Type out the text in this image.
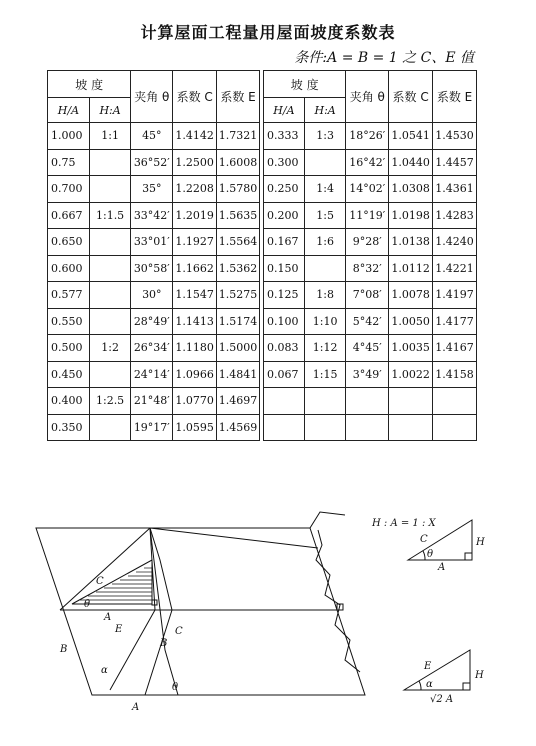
计算屋面工程量用屋面坡度系数表
条件:A = B = 1 之 C、E 值
坡 度		夹角 θ	系数 C	系数 E
H/A	H:A			
1.000	1:1	45°	1.4142	1.7321
0.75		36°52′	1.2500	1.6008
0.700		35°	1.2208	1.5780
0.667	1:1.5	33°42′	1.2019	1.5635
0.650		33°01′	1.1927	1.5564
0.600		30°58′	1.1662	1.5362
0.577		30°	1.1547	1.5275
0.550		28°49′	1.1413	1.5174
0.500	1:2	26°34′	1.1180	1.5000
0.450		24°14′	1.0966	1.4841
0.400	1:2.5	21°48′	1.0770	1.4697
0.350		19°17′	1.0595	1.4569
坡 度		夹角 θ	系数 C	系数 E
H/A	H:A			
0.333	1:3	18°26′	1.0541	1.4530
0.300		16°42′	1.0440	1.4457
0.250	1:4	14°02′	1.0308	1.4361
0.200	1:5	11°19′	1.0198	1.4283
0.167	1:6	9°28′	1.0138	1.4240
0.150		8°32′	1.0112	1.4221
0.125	1:8	7°08′	1.0078	1.4197
0.100	1:10	5°42′	1.0050	1.4177
0.083	1:12	4°45′	1.0035	1.4167
0.067	1:15	3°49′	1.0022	1.4158

C
θ
A
E
B
B
C
α
θ
A
H : A = 1 : X
C
θ
A
H
E
α
√2 A
H
